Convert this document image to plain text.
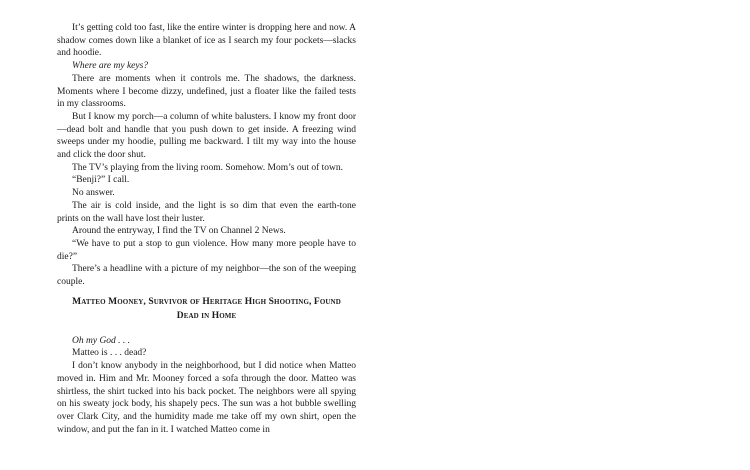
It’s getting cold too fast, like the entire winter is dropping here and now. A shadow comes down like a blanket of ice as I search my four pockets—slacks and hoodie.

Where are my keys?

There are moments when it controls me. The shadows, the darkness. Moments where I become dizzy, undefined, just a floater like the failed tests in my classrooms.

But I know my porch—a column of white balusters. I know my front door—dead bolt and handle that you push down to get inside. A freezing wind sweeps under my hoodie, pulling me backward. I tilt my way into the house and click the door shut.

The TV’s playing from the living room. Somehow. Mom’s out of town.

“Benji?” I call.

No answer.

The air is cold inside, and the light is so dim that even the earth-tone prints on the wall have lost their luster.

Around the entryway, I find the TV on Channel 2 News.

“We have to put a stop to gun violence. How many more people have to die?”

There’s a headline with a picture of my neighbor—the son of the weeping couple.

Matteo Mooney, Survivor of Heritage High Shooting, Found
Dead in Home

Oh my God . . .

Matteo is . . . dead?

I don’t know anybody in the neighborhood, but I did notice when Matteo moved in. Him and Mr. Mooney forced a sofa through the door. Matteo was shirtless, the shirt tucked into his back pocket. The neighbors were all spying on his sweaty jock body, his shapely pecs. The sun was a hot bubble swelling over Clark City, and the humidity made me take off my own shirt, open the window, and put the fan in it. I watched Matteo come in
